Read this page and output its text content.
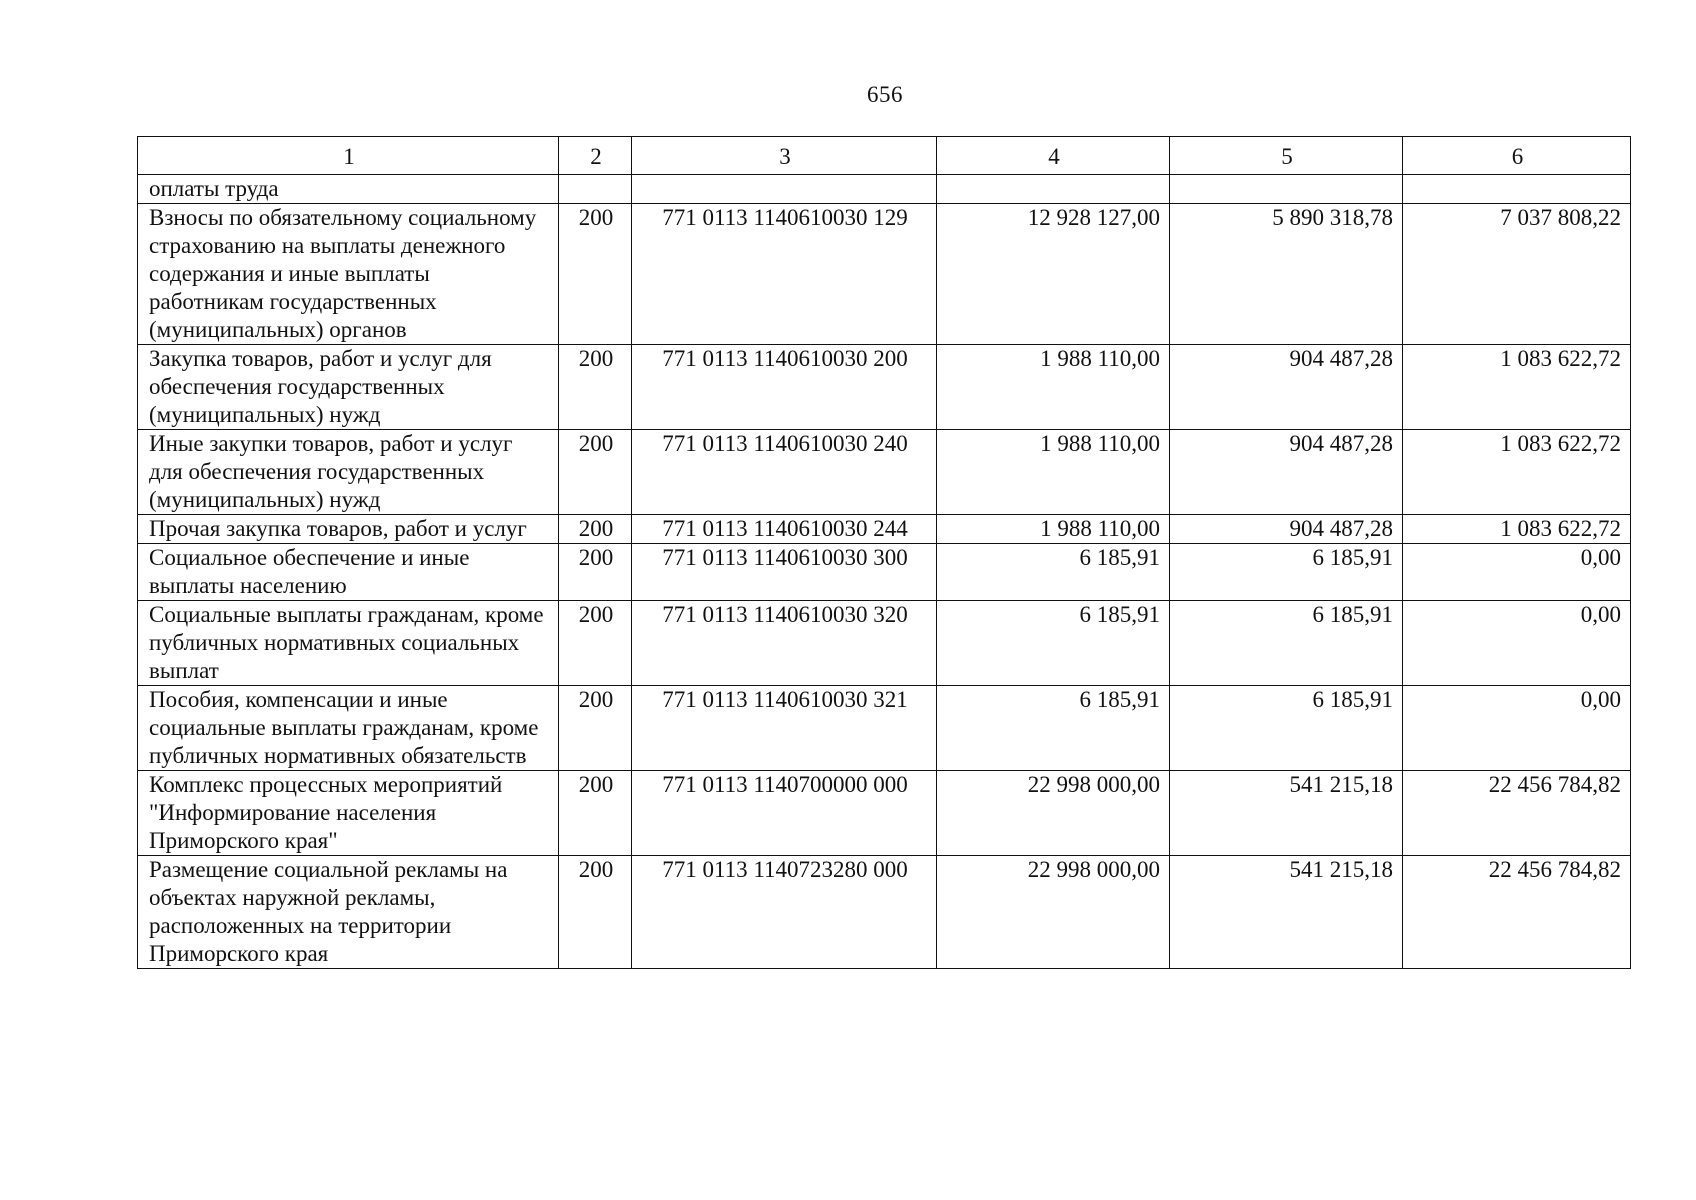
656
1	2	3	4	5	6
оплаты труда					
Взносы по обязательному социальному страхованию на выплаты денежного содержания и иные выплаты работникам государственных (муниципальных) органов	200	771 0113 1140610030 129	12 928 127,00	5 890 318,78	7 037 808,22
Закупка товаров, работ и услуг для обеспечения государственных (муниципальных) нужд	200	771 0113 1140610030 200	1 988 110,00	904 487,28	1 083 622,72
Иные закупки товаров, работ и услуг для обеспечения государственных (муниципальных) нужд	200	771 0113 1140610030 240	1 988 110,00	904 487,28	1 083 622,72
Прочая закупка товаров, работ и услуг	200	771 0113 1140610030 244	1 988 110,00	904 487,28	1 083 622,72
Социальное обеспечение и иные выплаты населению	200	771 0113 1140610030 300	6 185,91	6 185,91	0,00
Социальные выплаты гражданам, кроме публичных нормативных социальных выплат	200	771 0113 1140610030 320	6 185,91	6 185,91	0,00
Пособия, компенсации и иные социальные выплаты гражданам, кроме публичных нормативных обязательств	200	771 0113 1140610030 321	6 185,91	6 185,91	0,00
Комплекс процессных мероприятий "Информирование населения Приморского края"	200	771 0113 1140700000 000	22 998 000,00	541 215,18	22 456 784,82
Размещение социальной рекламы на объектах наружной рекламы, расположенных на территории Приморского края	200	771 0113 1140723280 000	22 998 000,00	541 215,18	22 456 784,82
